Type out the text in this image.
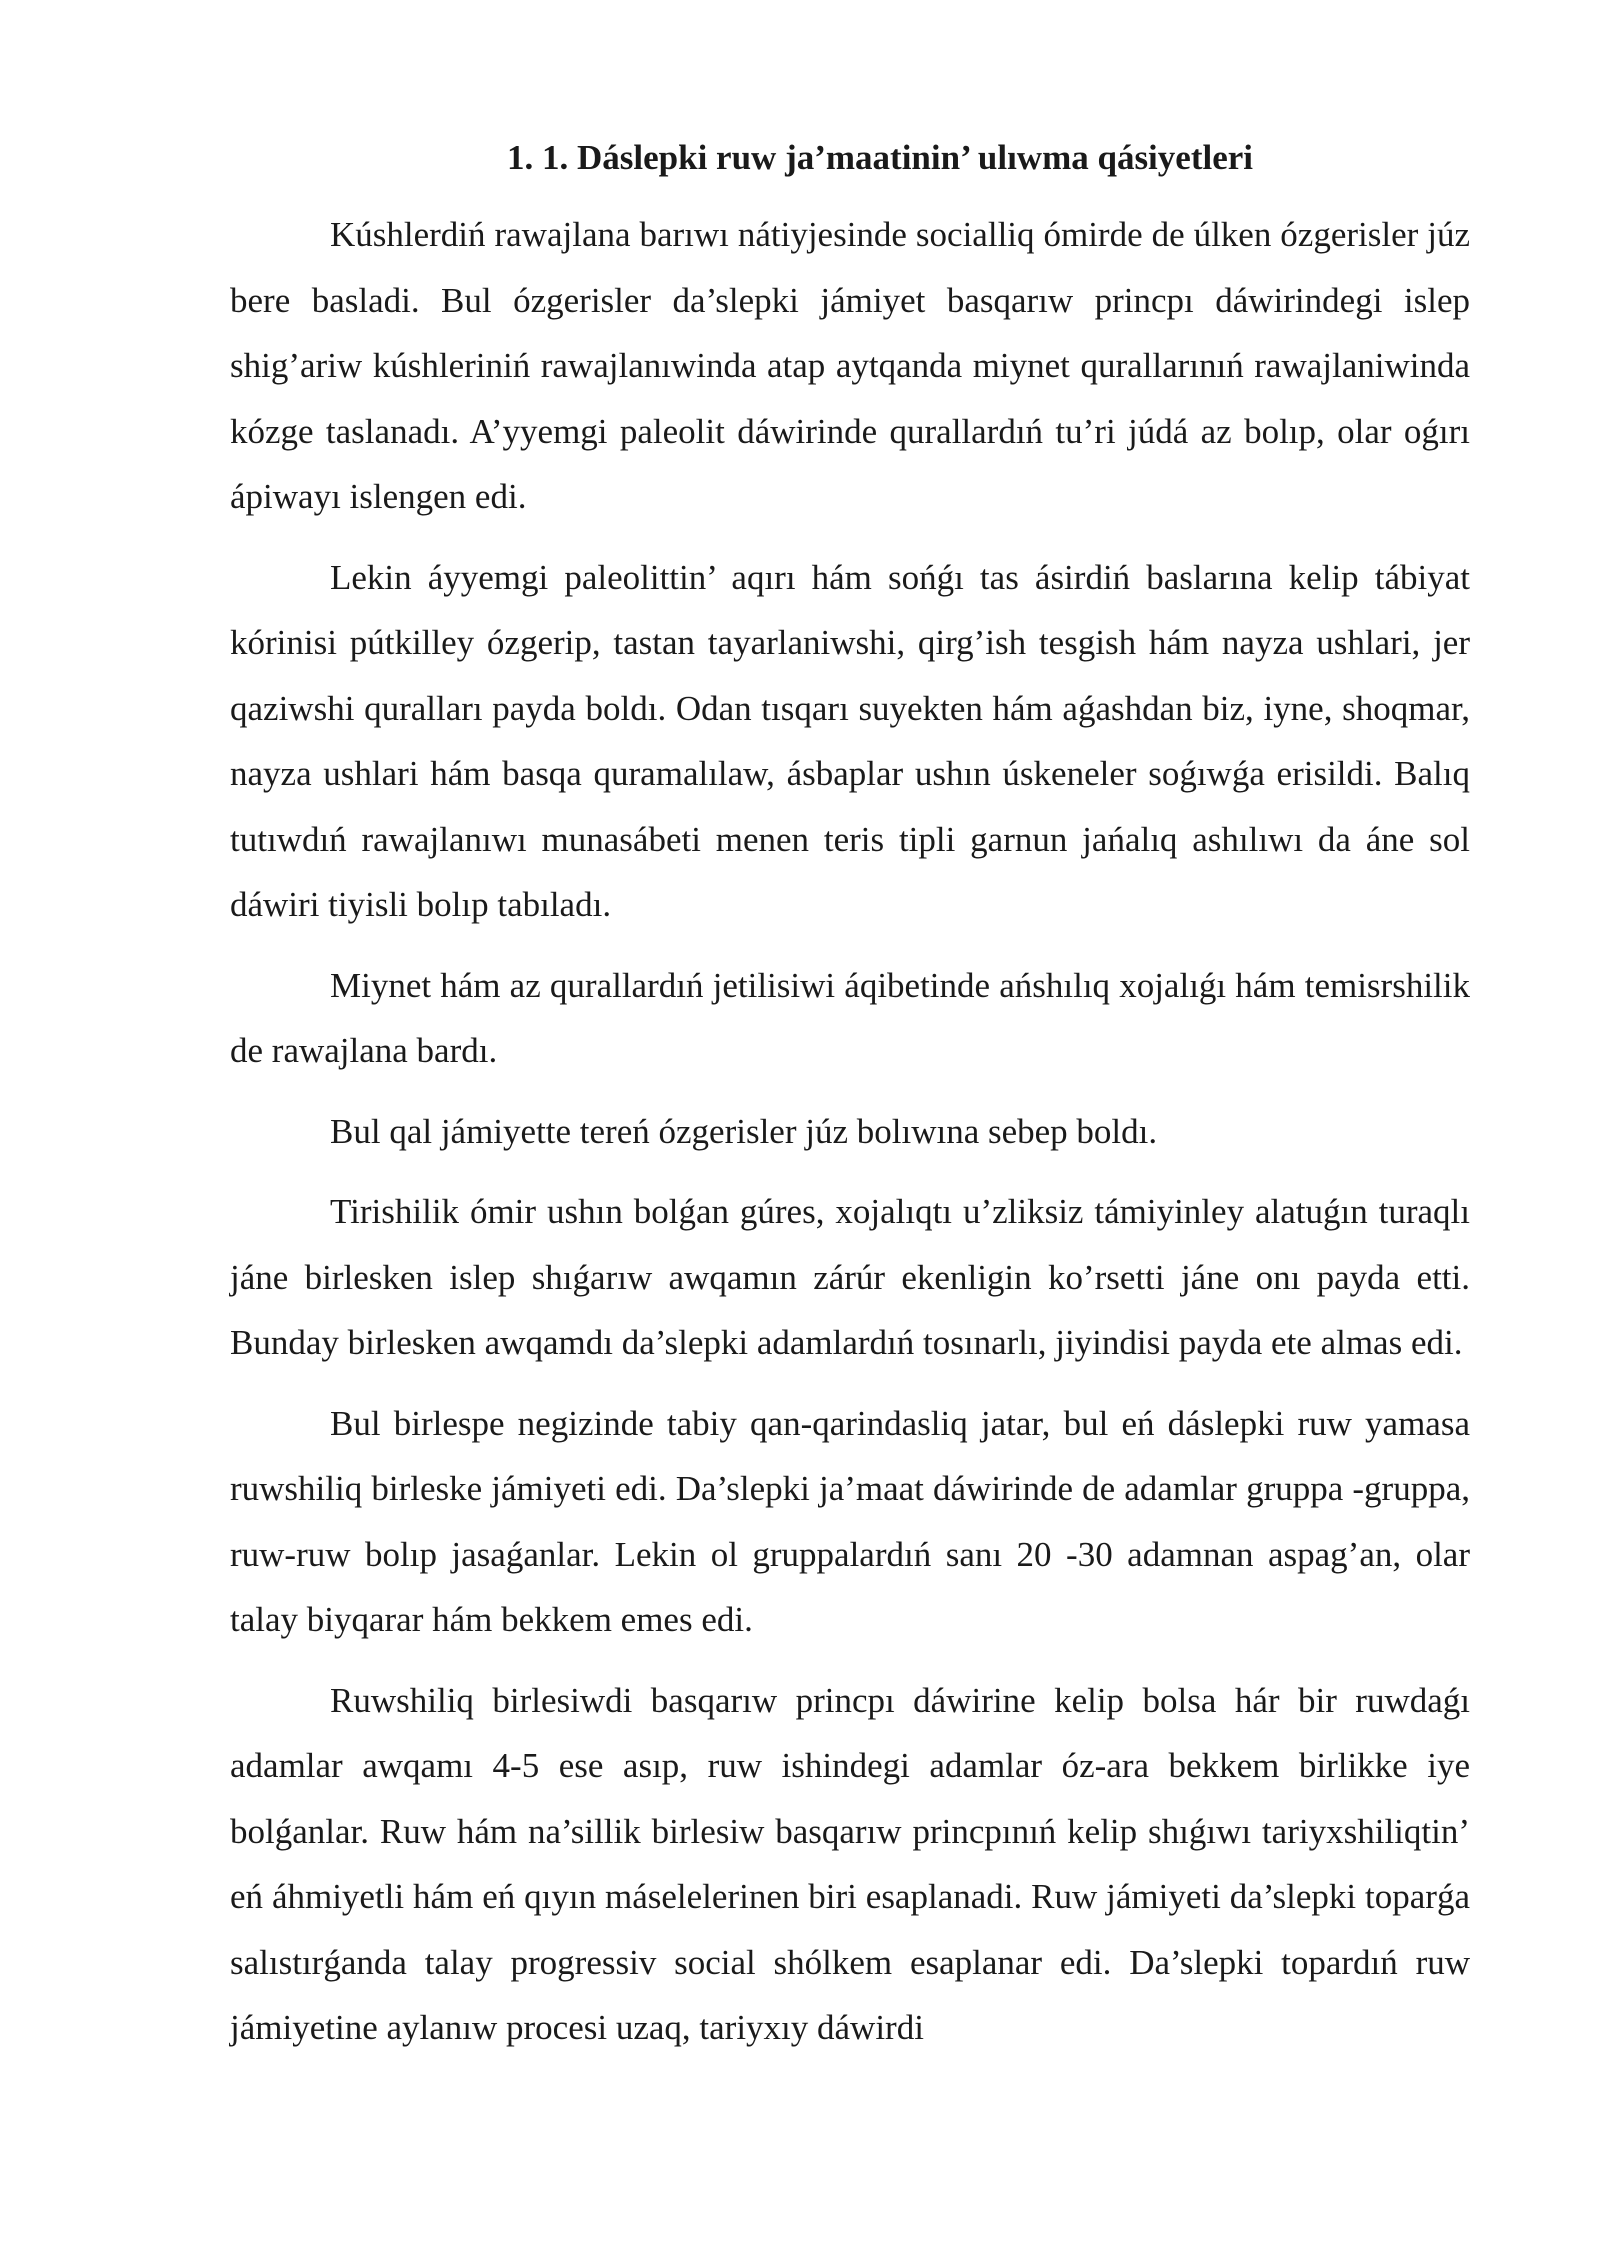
1. 1. Dáslepki ruw ja’maatinin’ ulıwma qásiyetleri

Kúshlerdiń rawajlana barıwı nátiyjesinde socialliq ómirde de úlken ózgerisler júz bere basladi. Bul ózgerisler da’slepki jámiyet basqarıw princpı dáwirindegi islep shig’ariw kúshleriniń rawajlanıwinda atap aytqanda miynet qurallarınıń rawajlaniwinda kózge taslanadı. A’yyemgi paleolit dáwirinde qurallardıń tu’ri júdá az bolıp, olar oǵırı ápiwayı islengen edi.

Lekin áyyemgi paleolittin’ aqırı hám sońǵı tas ásirdiń baslarına kelip tábiyat kórinisi pútkilley ózgerip, tastan tayarlaniwshi, qirg’ish tesgish hám nayza ushlari, jer qaziwshi quralları payda boldı. Odan tısqarı suyekten hám aǵashdan biz, iyne, shoqmar, nayza ushlari hám basqa quramalılaw, ásbaplar ushın úskeneler soǵıwǵa erisildi. Balıq tutıwdıń rawajlanıwı munasábeti menen teris tipli garnun jańalıq ashılıwı da áne sol dáwiri tiyisli bolıp tabıladı.

Miynet hám az qurallardıń jetilisiwi áqibetinde ańshılıq xojalıǵı hám temisrshilik de rawajlana bardı.

Bul qal jámiyette tereń ózgerisler júz bolıwına sebep boldı.

Tirishilik ómir ushın bolǵan gúres, xojalıqtı u’zliksiz támiyinley alatuǵın turaqlı jáne birlesken islep shıǵarıw awqamın zárúr ekenligin ko’rsetti jáne onı payda etti. Bunday birlesken awqamdı da’slepki adamlardıń tosınarlı, jiyindisi payda ete almas edi.

Bul birlespe negizinde tabiy qan-qarindasliq jatar, bul eń dáslepki ruw yamasa ruwshiliq birleske jámiyeti edi. Da’slepki ja’maat dáwirinde de adamlar gruppa -gruppa, ruw-ruw bolıp jasaǵanlar. Lekin ol gruppalardıń sanı 20 -30 adamnan aspag’an, olar talay biyqarar hám bekkem emes edi.

Ruwshiliq birlesiwdi basqarıw princpı dáwirine kelip bolsa hár bir ruwdaǵı adamlar awqamı 4-5 ese asıp, ruw ishindegi adamlar óz-ara bekkem birlikke iye bolǵanlar. Ruw hám na’sillik birlesiw basqarıw princpınıń kelip shıǵıwı tariyxshiliqtin’ eń áhmiyetli hám eń qıyın máselelerinen biri esaplanadi. Ruw jámiyeti da’slepki toparǵa salıstırǵanda talay progressiv social shólkem esaplanar edi. Da’slepki topardıń ruw jámiyetine aylanıw procesi uzaq, tariyxıy dáwirdi
